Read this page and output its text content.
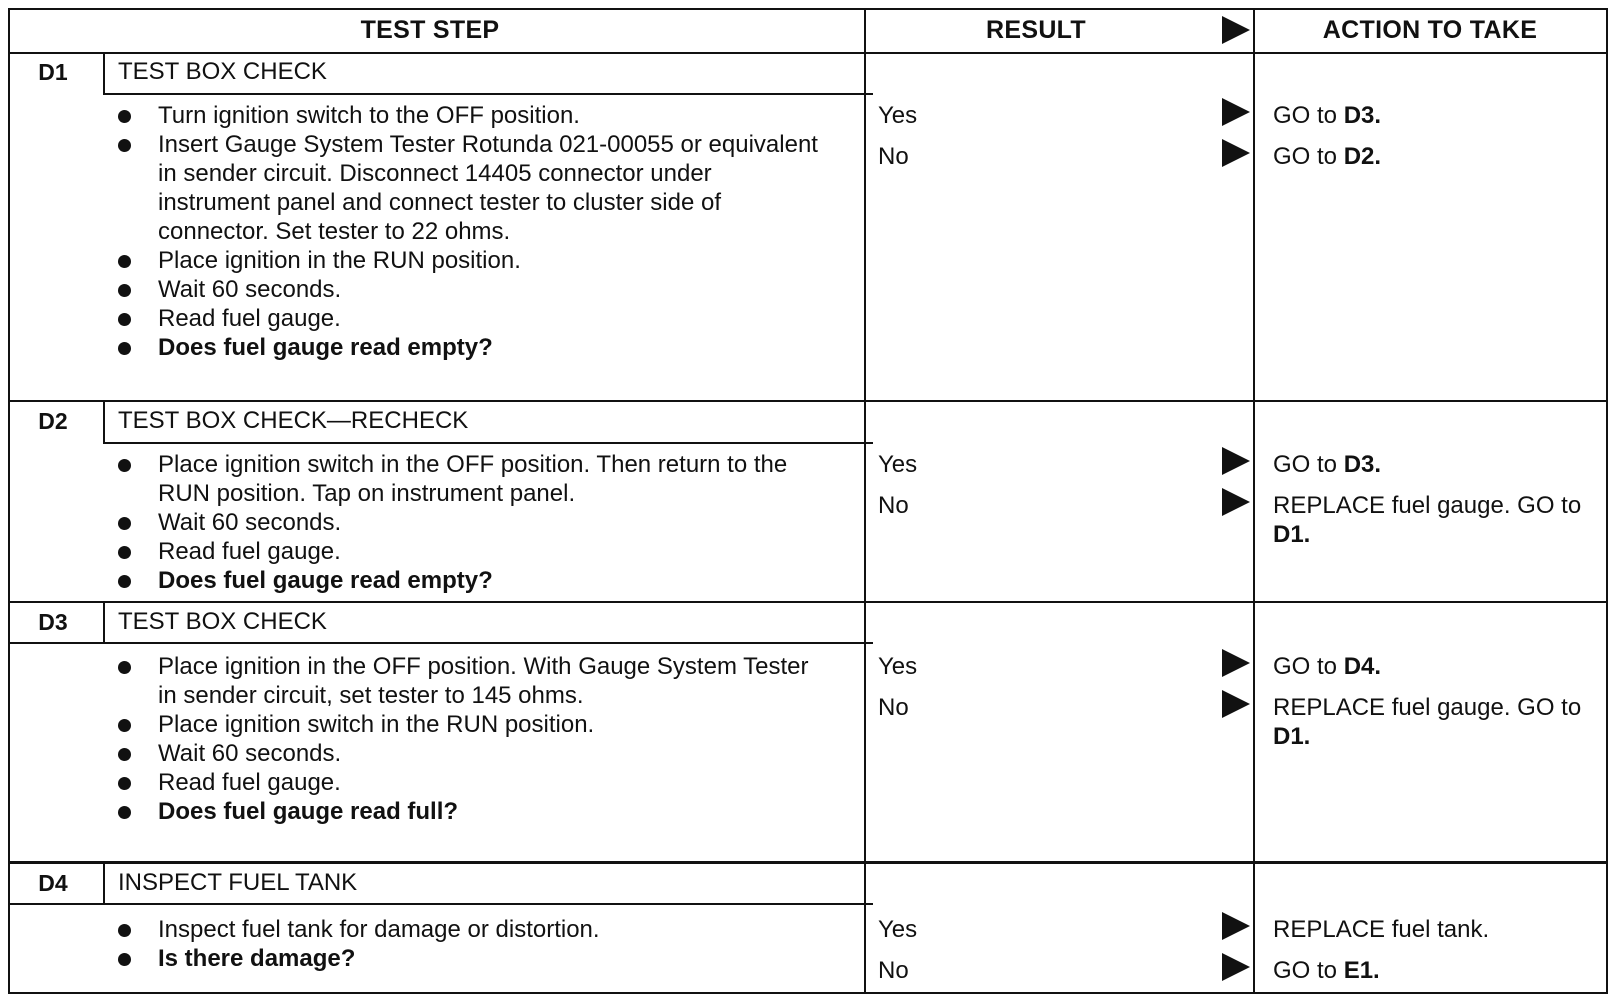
TEST STEP	RESULT	ACTION TO TAKE
D1	TEST BOX CHECK
Turn ignition switch to the OFF position.
Insert Gauge System Tester Rotunda 021-00055 or equivalent in sender circuit. Disconnect 14405 connector under instrument panel and connect tester to cluster side of connector. Set tester to 22 ohms.
Place ignition in the RUN position.
Wait 60 seconds.
Read fuel gauge.
Does fuel gauge read empty?
Yes	GO to D3.
No	GO to D2.
D2	TEST BOX CHECK—RECHECK
Place ignition switch in the OFF position. Then return to the RUN position. Tap on instrument panel.
Wait 60 seconds.
Read fuel gauge.
Does fuel gauge read empty?
Yes	GO to D3.
No	REPLACE fuel gauge. GO to D1.
D3	TEST BOX CHECK
Place ignition in the OFF position. With Gauge System Tester in sender circuit, set tester to 145 ohms.
Place ignition switch in the RUN position.
Wait 60 seconds.
Read fuel gauge.
Does fuel gauge read full?
Yes	GO to D4.
No	REPLACE fuel gauge. GO to D1.
D4	INSPECT FUEL TANK
Inspect fuel tank for damage or distortion.
Is there damage?
Yes	REPLACE fuel tank.
No	GO to E1.
